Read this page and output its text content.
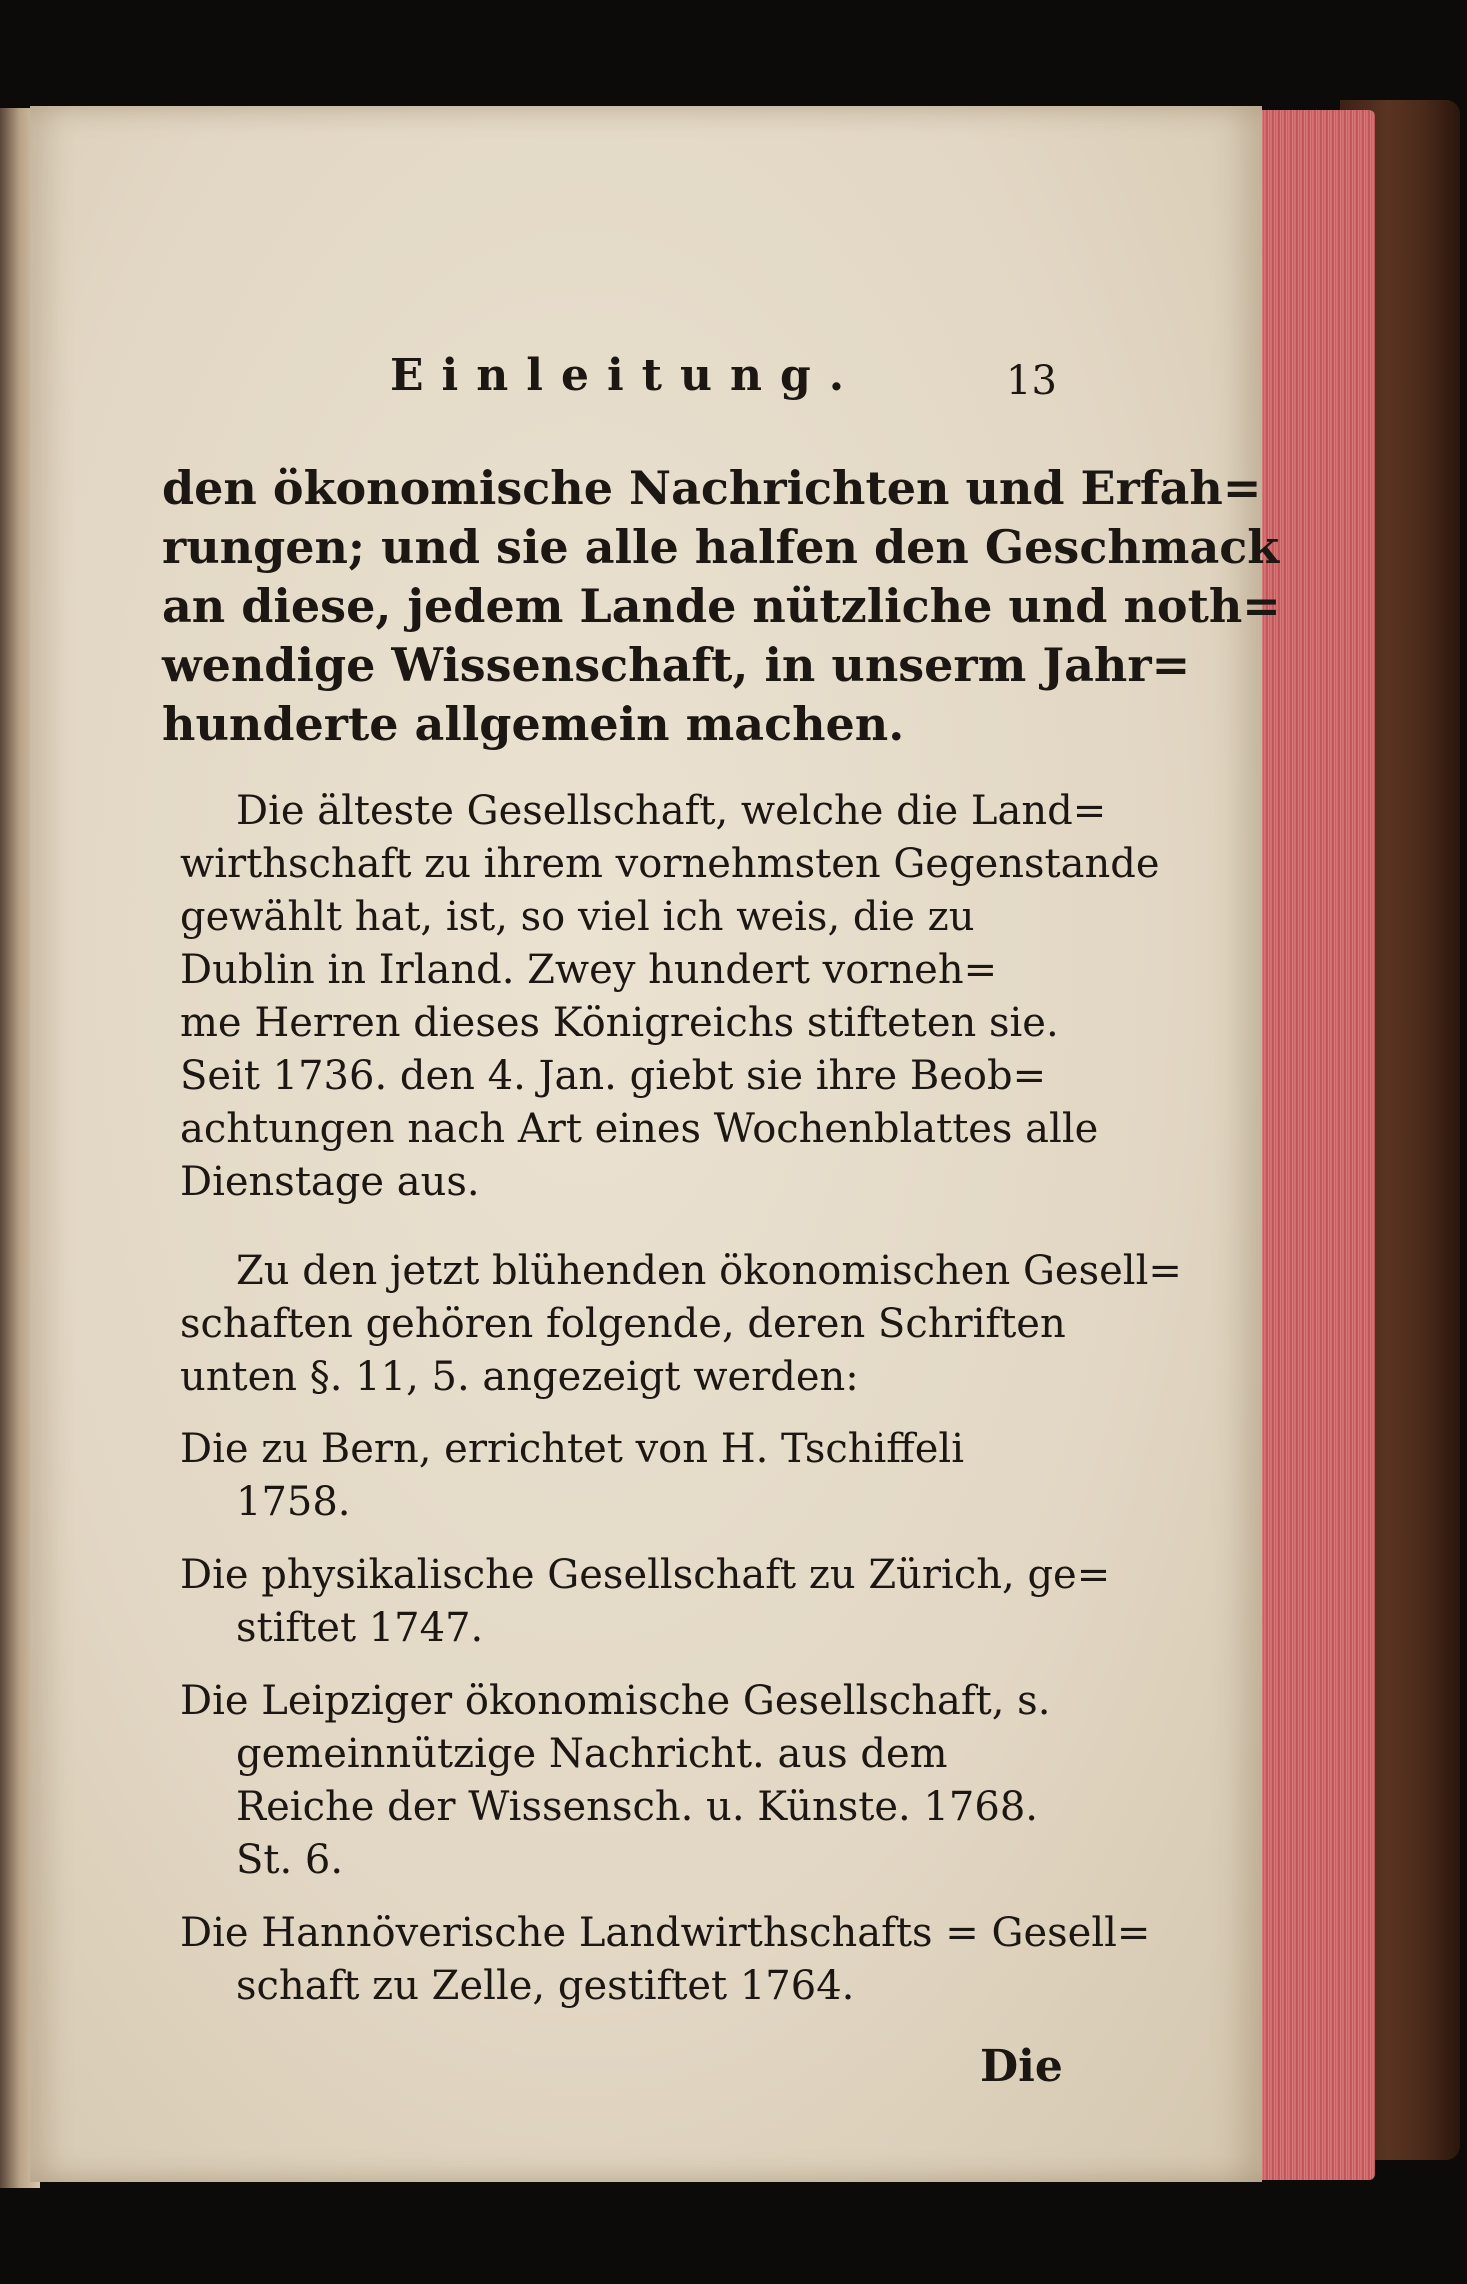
Einleitung.	13
den ökonomische Nachrichten und Erfah=
rungen; und sie alle halfen den Geschmack
an diese, jedem Lande nützliche und noth=
wendige Wissenschaft, in unserm Jahr=
hunderte allgemein machen.
Die älteste Gesellschaft, welche die Land=
wirthschaft zu ihrem vornehmsten Gegenstande
gewählt hat, ist, so viel ich weis, die zu
Dublin in Irland. Zwey hundert vorneh=
me Herren dieses Königreichs stifteten sie.
Seit 1736. den 4. Jan. giebt sie ihre Beob=
achtungen nach Art eines Wochenblattes alle
Dienstage aus.
Zu den jetzt blühenden ökonomischen Gesell=
schaften gehören folgende, deren Schriften
unten §. 11, 5. angezeigt werden:
Die zu Bern, errichtet von H. Tschiffeli
1758.
Die physikalische Gesellschaft zu Zürich, ge=
stiftet 1747.
Die Leipziger ökonomische Gesellschaft, s.
gemeinnützige Nachricht. aus dem
Reiche der Wissensch. u. Künste. 1768.
St. 6.
Die Hannöverische Landwirthschafts = Gesell=
schaft zu Zelle, gestiftet 1764.
Die
